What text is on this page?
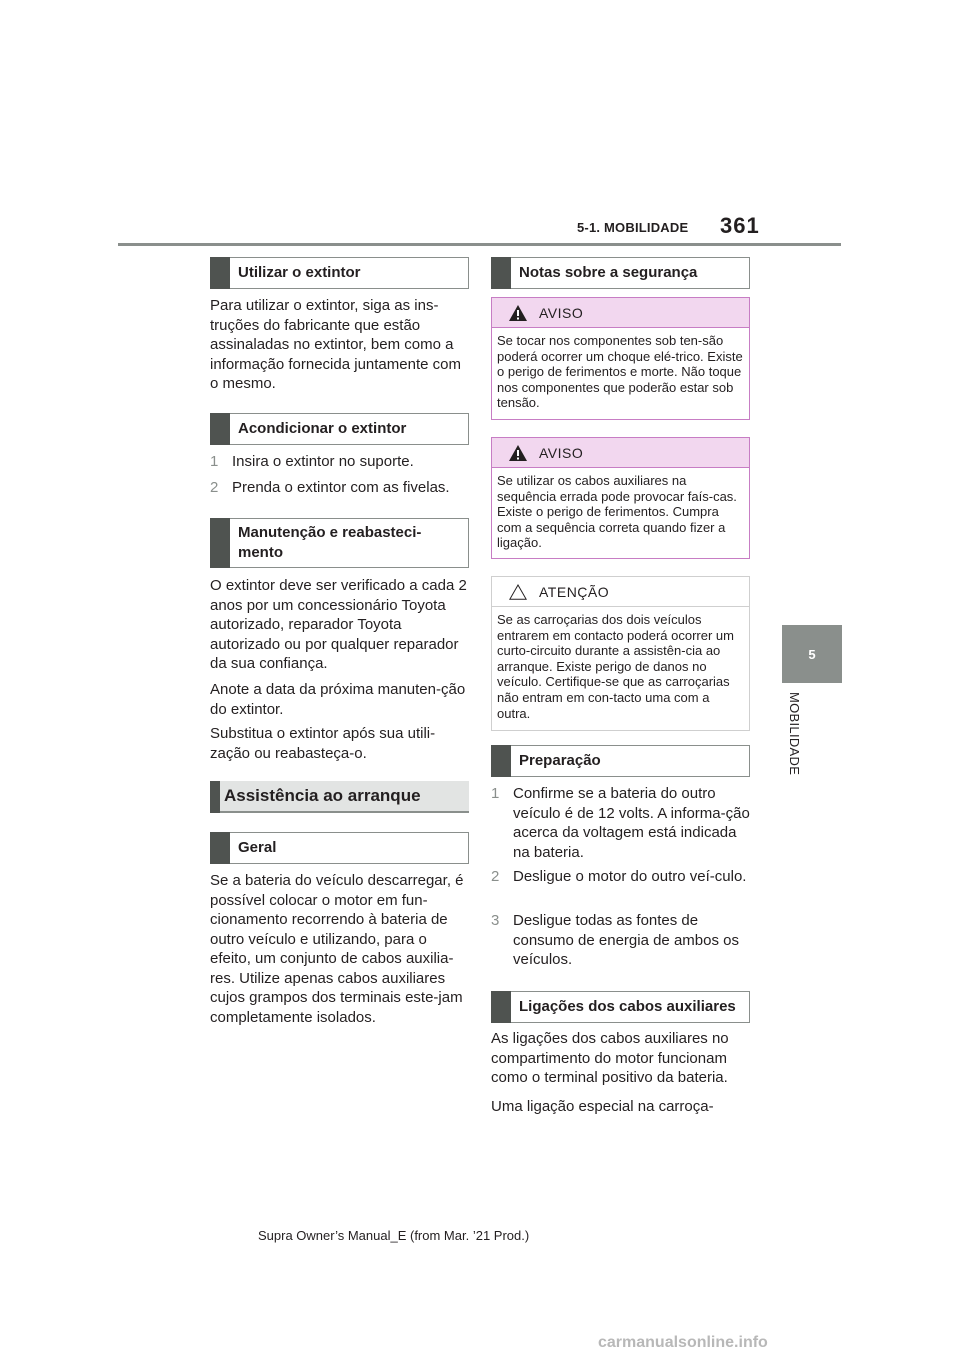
5-1. MOBILIDADE 361
5
MOBILIDADE
Utilizar o extintor
Para utilizar o extintor, siga as ins-truções do fabricante que estão assinaladas no extintor, bem como a informação fornecida juntamente com o mesmo.
Acondicionar o extintor
1 Insira o extintor no suporte.
2 Prenda o extintor com as fivelas.
Manutenção e reabasteci-mento
O extintor deve ser verificado a cada 2 anos por um concessionário Toyota autorizado, reparador Toyota autorizado ou por qualquer reparador da sua confiança.
Anote a data da próxima manuten-ção do extintor.
Substitua o extintor após sua utili-zação ou reabasteça-o.
Assistência ao arranque
Geral
Se a bateria do veículo descarregar, é possível colocar o motor em fun-cionamento recorrendo à bateria de outro veículo e utilizando, para o efeito, um conjunto de cabos auxilia-res. Utilize apenas cabos auxiliares cujos grampos dos terminais este-jam completamente isolados.
Notas sobre a segurança
AVISO
Se tocar nos componentes sob ten-são poderá ocorrer um choque elé-trico. Existe o perigo de ferimentos e morte. Não toque nos componentes que poderão estar sob tensão.
AVISO
Se utilizar os cabos auxiliares na sequência errada pode provocar faís-cas. Existe o perigo de ferimentos. Cumpra com a sequência correta quando fizer a ligação.
ATENÇÃO
Se as carroçarias dos dois veículos entrarem em contacto poderá ocorrer um curto-circuito durante a assistên-cia ao arranque. Existe perigo de danos no veículo. Certifique-se que as carroçarias não entram em con-tacto uma com a outra.
Preparação
1 Confirme se a bateria do outro veículo é de 12 volts. A informa-ção acerca da voltagem está indicada na bateria.
2 Desligue o motor do outro veí-culo.
3 Desligue todas as fontes de consumo de energia de ambos os veículos.
Ligações dos cabos auxiliares
As ligações dos cabos auxiliares no compartimento do motor funcionam como o terminal positivo da bateria.
Uma ligação especial na carroça-
Supra Owner’s Manual_E (from Mar. ’21 Prod.)
carmanualsonline.info
